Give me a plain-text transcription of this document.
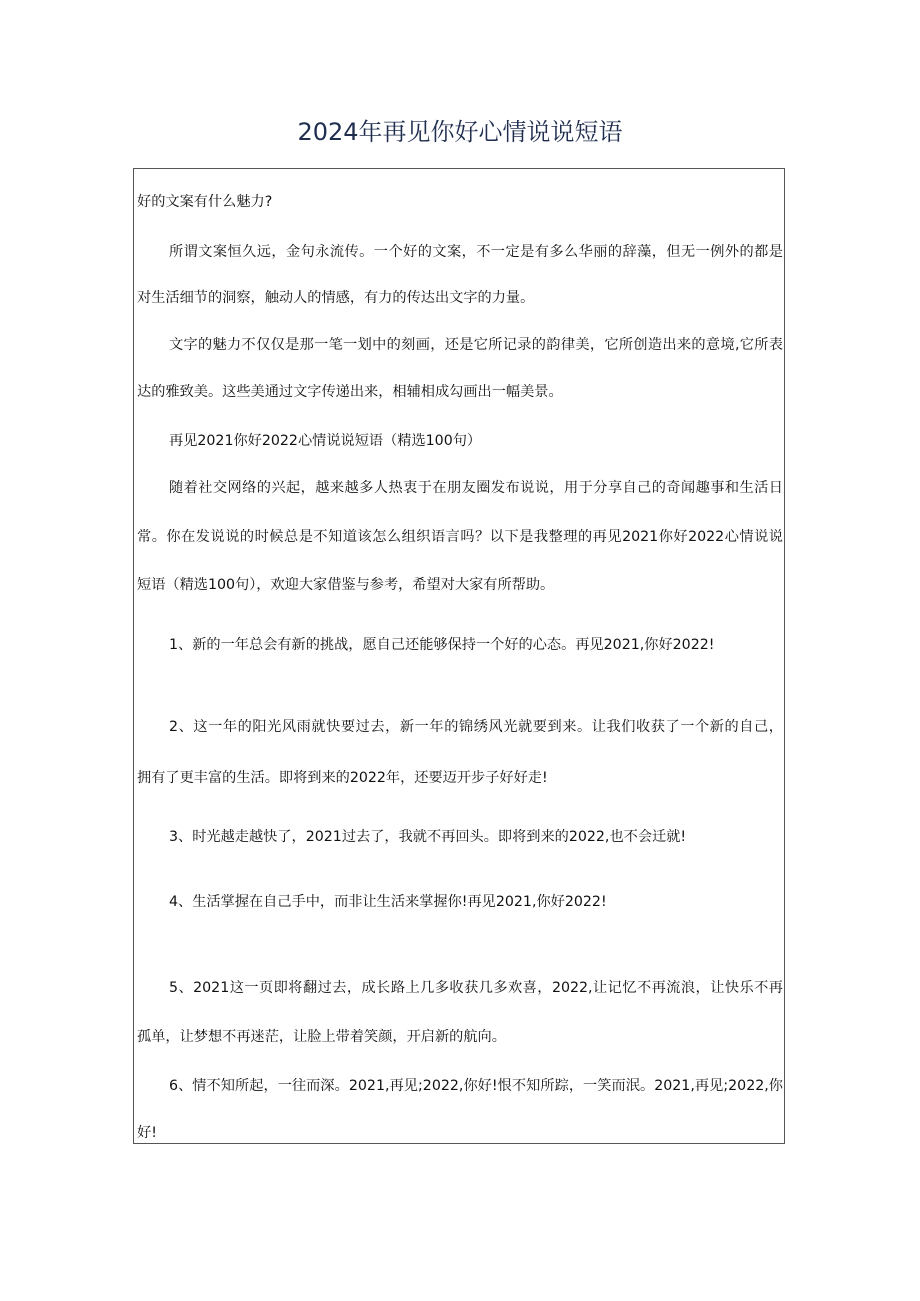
2024年再见你好心情说说短语
好的文案有什么魅力?
所谓文案恒久远，金句永流传。一个好的文案，不一定是有多么华丽的辞藻，但无一例外的都是
对生活细节的洞察，触动人的情感，有力的传达出文字的力量。
文字的魅力不仅仅是那一笔一划中的刻画，还是它所记录的韵律美，它所创造出来的意境,它所表
达的雅致美。这些美通过文字传递出来，相辅相成勾画出一幅美景。
再见2021你好2022心情说说短语（精选100句）
随着社交网络的兴起，越来越多人热衷于在朋友圈发布说说，用于分享自己的奇闻趣事和生活日
常。你在发说说的时候总是不知道该怎么组织语言吗？以下是我整理的再见2021你好2022心情说说
短语（精选100句），欢迎大家借鉴与参考，希望对大家有所帮助。
1、新的一年总会有新的挑战，愿自己还能够保持一个好的心态。再见2021,你好2022!
2、这一年的阳光风雨就快要过去，新一年的锦绣风光就要到来。让我们收获了一个新的自己，
拥有了更丰富的生活。即将到来的2022年，还要迈开步子好好走!
3、时光越走越快了，2021过去了，我就不再回头。即将到来的2022,也不会迁就!
4、生活掌握在自己手中，而非让生活来掌握你!再见2021,你好2022!
5、2021这一页即将翻过去，成长路上几多收获几多欢喜，2022,让记忆不再流浪，让快乐不再
孤单，让梦想不再迷茫，让脸上带着笑颜，开启新的航向。
6、情不知所起，一往而深。2021,再见;2022,你好!恨不知所踪，一笑而泯。2021,再见;2022,你
好!
